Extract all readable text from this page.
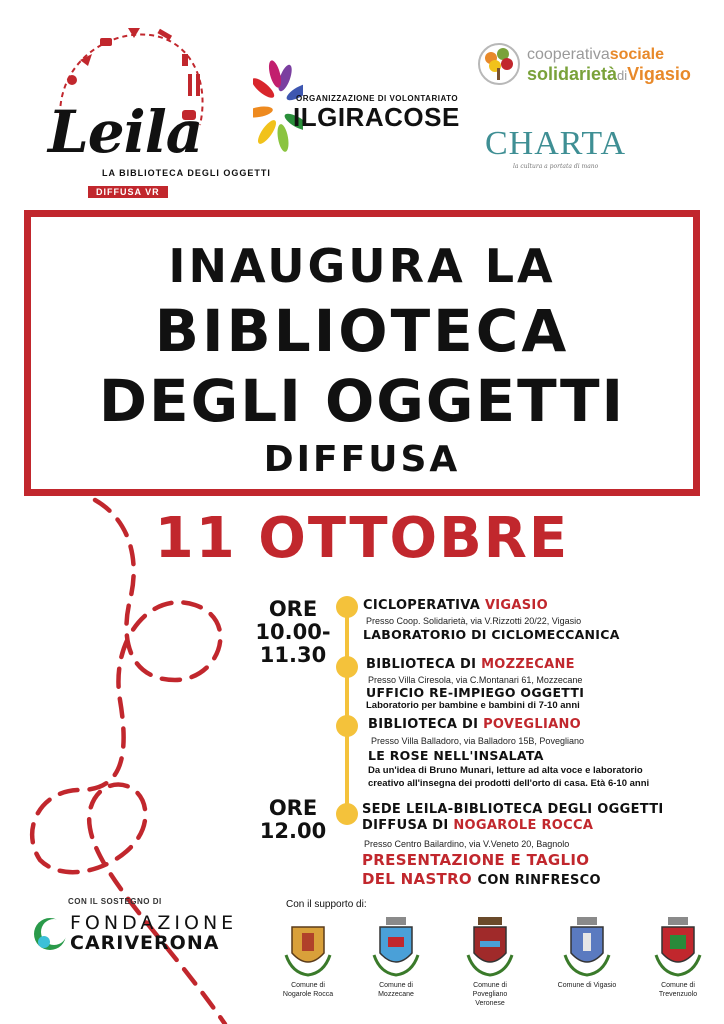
Leila
LA BIBLIOTECA DEGLI OGGETTI
DIFFUSA VR
ORGANIZZAZIONE DI VOLONTARIATO
ILGIRACOSE
cooperativasociale
solidarietàdiVigasio
CHARTA
la cultura a portata di mano
INAUGURA LA
BIBLIOTECA
DEGLI OGGETTI
DIFFUSA
11 OTTOBRE
ORE
10.00-
11.30
ORE
12.00
CICLOPERATIVA VIGASIO
Presso Coop. Solidarietà, via V.Rizzotti 20/22, Vigasio
LABORATORIO DI CICLOMECCANICA
BIBLIOTECA DI MOZZECANE
Presso Villa Ciresola, via C.Montanari 61, Mozzecane
UFFICIO RE-IMPIEGO OGGETTI
Laboratorio per bambine e bambini di 7-10 anni
BIBLIOTECA DI POVEGLIANO
Presso Villa Balladoro, via Balladoro 15B, Povegliano
LE ROSE NELL'INSALATA
Da un'idea di Bruno Munari, letture ad alta voce e laboratorio
creativo all'insegna dei prodotti dell'orto di casa. Età 6-10 anni
SEDE LEILA-BIBLIOTECA DEGLI OGGETTI
DIFFUSA DI NOGAROLE ROCCA
Presso Centro Bailardino, via V.Veneto 20, Bagnolo
PRESENTAZIONE E TAGLIO
DEL NASTRO CON RINFRESCO
CON IL SOSTEGNO DI
FONDAZIONE
CARIVERONA
Con il supporto di:
Comune di
Nogarole Rocca
Comune di
Mozzecane
Comune di
Povegliano
Veronese
Comune di Vigasio	Comune di
Trevenzuolo
